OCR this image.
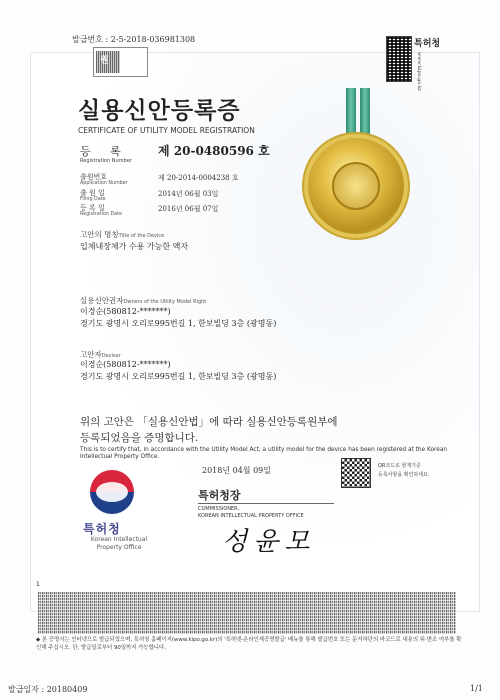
발급번호 : 2-5-2018-036981308
원
특허청
www.kipo.go.kr
실용신안등록증
CERTIFICATE OF UTILITY MODEL REGISTRATION
등 록
Registration Number
제 20-0480596 호
출원번호
Application Number
제 20-2014-0004238 호
출 원 일
Filing Date
2014년 06월 03일
등 록 일
Registration Date
2016년 06월 07일
고안의 명칭Title of the Device
입체내장체가 수용 가능한 액자
실용신안권자Owners of the Utility Model Right
이경순(580812-*******)
경기도 광명시 오리로995번길 1, 한보빌딩 3층 (광명동)
고안자Deviser
이경순(580812-*******)
경기도 광명시 오리로995번길 1, 한보빌딩 3층 (광명동)
위의 고안은 「실용신안법」에 따라 실용신안등록원부에
등록되었음을 증명합니다.
This is to certify that, in accordance with the Utility Model Act, a utility model for the device has been registered at the Korean Intellectual Property Office.
2018년 04월 09일	QR코드로 현재기준
등록사항을 확인하세요.
특허청
Korean Intellectual
Property Office
특허청장
COMMISSIONER,
KOREAN INTELLECTUAL PROPERTY OFFICE
성윤모
1
◆ 본 증명서는 인터넷으로 발급되었으며, 특허청 홈페이지(www.kipo.go.kr)의 '특허넷-온라인제증명발급' 메뉴를 통해 발급번호 또는 문서하단의 바코드로 내용의 위·변조 여부를 확인해 주십시오. 단, 발급일로부터 90일까지 가능합니다.
발급일자 : 20180409	1/1
